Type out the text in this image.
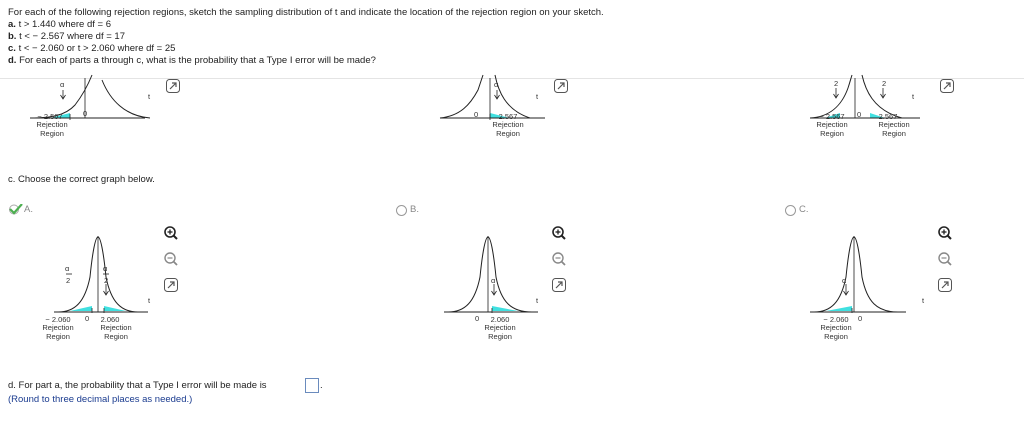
For each of the following rejection regions, sketch the sampling distribution of t and indicate the location of the rejection region on your sketch.
a. t > 1.440 where df = 6
b. t < − 2.567 where df = 17
c. t < − 2.060 or t > 2.060 where df = 25
d. For each of parts a through c, what is the probability that a Type I error will be made?
α
t
0
− 2.567
Rejection
Region
α
t
0	2.567
Rejection
Region
2	2
t
0
− 2.567
Rejection
Region
2.567
Rejection
Region
c. Choose the correct graph below.
A.	B.	C.
α
2
α
2
t
0
− 2.060
Rejection
Region
2.060
Rejection
Region
α
t
0	2.060
Rejection
Region
α
t
0
− 2.060
Rejection
Region
d. For part a, the probability that a Type I error will be made is	.
(Round to three decimal places as needed.)
